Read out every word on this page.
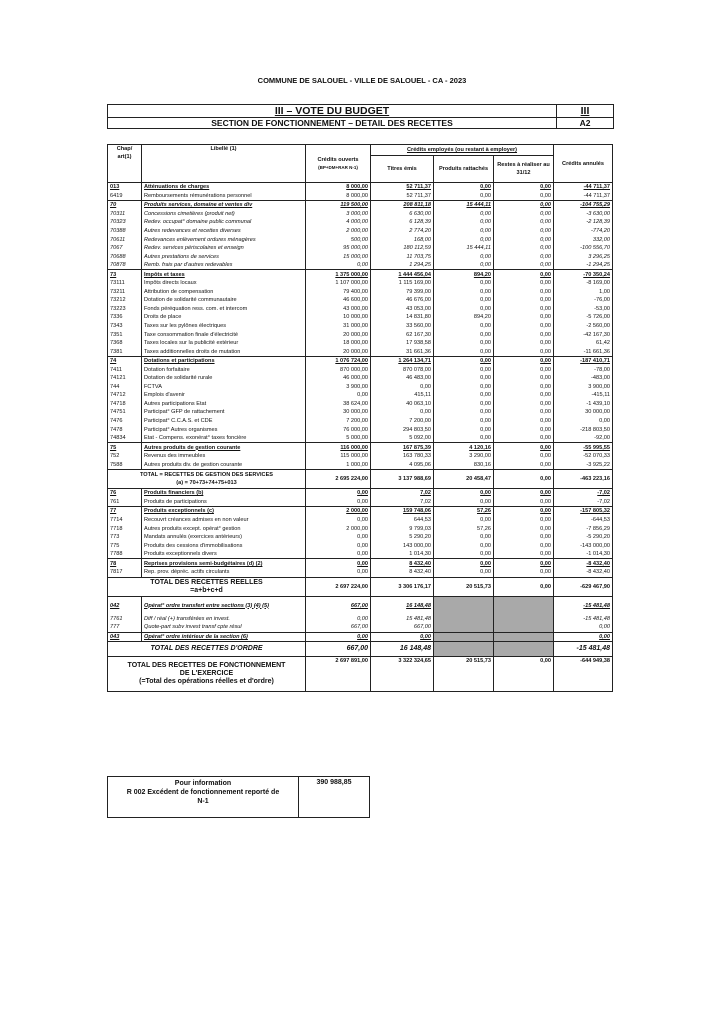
COMMUNE DE SALOUEL - VILLE DE SALOUEL - CA - 2023
III – VOTE DU BUDGET	III
SECTION DE FONCTIONNEMENT – DETAIL DES RECETTES	A2
Chap/ art(1)	Libellé (1)	Crédits ouverts
(BP+DM+RAR N-1)	Crédits employés (ou restant à employer)			Crédits annulés
			Titres émis	Produits rattachés	Restes à réaliser au 31/12	
013	Atténuations de charges	8 000,00	52 711,37	0,00	0,00	-44 711,37
6419	Remboursements rémunérations personnel	8 000,00	52 711,37	0,00	0,00	-44 711,37
70	Produits services, domaine et ventes div	119 500,00	208 811,18	15 444,11	0,00	-104 755,29
70311	Concessions cimetières (produit net)	3 000,00	6 630,00	0,00	0,00	-3 630,00
70323	Redev. occupat° domaine public communal	4 000,00	6 128,39	0,00	0,00	-2 128,39
70388	Autres redevances et recettes diverses	2 000,00	2 774,20	0,00	0,00	-774,20
70611	Redevances enlèvement ordures ménagères	500,00	168,00	0,00	0,00	332,00
7067	Redev. services périscolaires et enseign	95 000,00	180 112,59	15 444,11	0,00	-100 556,70
70688	Autres prestations de services	15 000,00	11 703,75	0,00	0,00	3 296,25
70878	Remb. frais par d'autres redevables	0,00	1 294,25	0,00	0,00	-1 294,25
73	Impôts et taxes	1 375 000,00	1 444 456,04	894,20	0,00	-70 350,24
73111	Impôts directs locaux	1 107 000,00	1 115 169,00	0,00	0,00	-8 169,00
73211	Attribution de compensation	79 400,00	79 399,00	0,00	0,00	1,00
73212	Dotation de solidarité communautaire	46 600,00	46 676,00	0,00	0,00	-76,00
73223	Fonds péréquation ress. com. et intercom	43 000,00	43 053,00	0,00	0,00	-53,00
7336	Droits de place	10 000,00	14 831,80	894,20	0,00	-5 726,00
7343	Taxes sur les pylônes électriques	31 000,00	33 560,00	0,00	0,00	-2 560,00
7351	Taxe consommation finale d'électricité	20 000,00	62 167,30	0,00	0,00	-42 167,30
7368	Taxes locales sur la publicité extérieur	18 000,00	17 938,58	0,00	0,00	61,42
7381	Taxes additionnelles droits de mutation	20 000,00	31 661,36	0,00	0,00	-11 661,36
74	Dotations et participations	1 076 724,00	1 264 134,71	0,00	0,00	-187 410,71
7411	Dotation forfaitaire	870 000,00	870 078,00	0,00	0,00	-78,00
74121	Dotation de solidarité rurale	46 000,00	46 483,00	0,00	0,00	-483,00
744	FCTVA	3 900,00	0,00	0,00	0,00	3 900,00
74712	Emplois d'avenir	0,00	415,11	0,00	0,00	-415,11
74718	Autres participations Etat	38 624,00	40 063,10	0,00	0,00	-1 439,10
74751	Participat° GFP de rattachement	30 000,00	0,00	0,00	0,00	30 000,00
7476	Participat° C.C.A.S. et CDE	7 200,00	7 200,00	0,00	0,00	0,00
7478	Participat° Autres organismes	76 000,00	294 803,50	0,00	0,00	-218 803,50
74834	Etat - Compens. exonérat° taxes foncière	5 000,00	5 092,00	0,00	0,00	-92,00
75	Autres produits de gestion courante	116 000,00	167 875,39	4 120,16	0,00	-55 995,55
752	Revenus des immeubles	115 000,00	163 780,33	3 290,00	0,00	-52 070,33
7588	Autres produits div. de gestion courante	1 000,00	4 095,06	830,16	0,00	-3 925,22

TOTAL = RECETTES DE GESTION DES SERVICES
(a) = 70+73+74+75+013		2 695 224,00	3 137 988,69	20 458,47	0,00	-463 223,16
76	Produits financiers (b)	0,00	7,02	0,00	0,00	-7,02
761	Produits de participations	0,00	7,02	0,00	0,00	-7,02
77	Produits exceptionnels (c)	2 000,00	159 748,06	57,26	0,00	-157 805,32
7714	Recouvrt créances admises en non valeur	0,00	644,53	0,00	0,00	-644,53
7718	Autres produits except. opérat° gestion	2 000,00	9 799,03	57,26	0,00	-7 856,29
773	Mandats annulés (exercices antérieurs)	0,00	5 290,20	0,00	0,00	-5 290,20
775	Produits des cessions d'immobilisations	0,00	143 000,00	0,00	0,00	-143 000,00
7788	Produits exceptionnels divers	0,00	1 014,30	0,00	0,00	-1 014,30
78	Reprises provisions semi-budgétaires (d) (2)	0,00	8 432,40	0,00	0,00	-8 432,40
7817	Rep. prov. dépréc. actifs circulants	0,00	8 432,40	0,00	0,00	-8 432,40

TOTAL DES RECETTES REELLES
=a+b+c+d		2 697 224,00	3 306 176,17	20 515,73	0,00	-629 467,90
042	Opérat° ordre transfert entre sections (3) (4) (5)	667,00	16 148,48			-15 481,48
7761	Diff / réal (+) transférées en invest.	0,00	15 481,48			-15 481,48
777	Quote-part subv invest transf cpte résul	667,00	667,00			0,00
043	Opérat° ordre intérieur de la section (6)	0,00	0,00			0,00
TOTAL DES RECETTES D'ORDRE		667,00	16 148,48			-15 481,48

TOTAL DES RECETTES DE FONCTIONNEMENT
DE L'EXERCICE
(=Total des opérations réelles et d'ordre)		2 697 891,00	3 322 324,65	20 515,73	0,00	-644 949,38
Pour information
R 002 Excédent de fonctionnement reporté de
N-1
390 988,85
